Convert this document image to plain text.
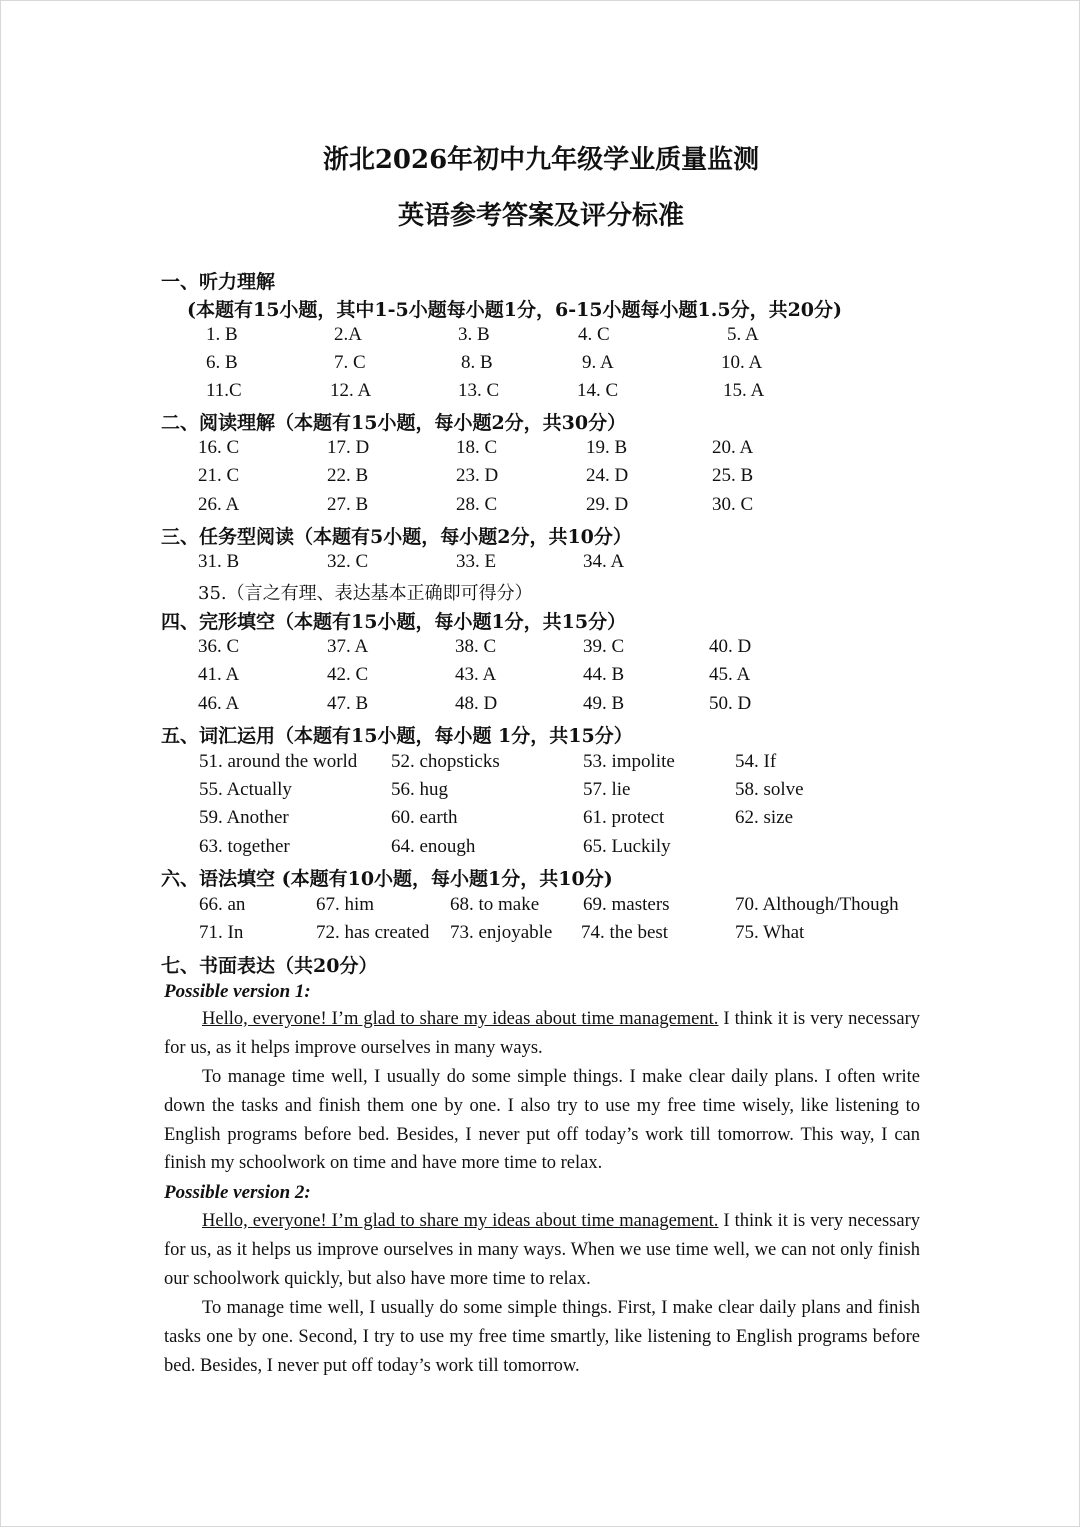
浙北2026年初中九年级学业质量监测
英语参考答案及评分标准
一、听力理解
(本题有15小题，其中1-5小题每小题1分，6-15小题每小题1.5分，共20分)
1. B	2.A	3. B	4. C	5. A
6. B	7. C	8. B	9. A	10. A
11.C	12. A	13. C	14. C	15. A
二、阅读理解（本题有15小题，每小题2分，共30分）
16. C	17. D	18. C	19. B	20. A
21. C	22. B	23. D	24. D	25. B
26. A	27. B	28. C	29. D	30. C
三、任务型阅读（本题有5小题，每小题2分，共10分）
31. B	32. C	33. E	34. A
35.（言之有理、表达基本正确即可得分）
四、完形填空（本题有15小题，每小题1分，共15分）
36. C	37. A	38. C	39. C	40. D
41. A	42. C	43. A	44. B	45. A
46. A	47. B	48. D	49. B	50. D
五、词汇运用（本题有15小题，每小题 1分，共15分）
51. around the world 52. chopsticks	53. impolite	54. If
55. Actually	56. hug	57. lie	58. solve
59. Another	60. earth	61. protect	62. size
63. together	64. enough	65. Luckily
六、语法填空 (本题有10小题，每小题1分，共10分)
66. an	67. him	68. to make 69. masters	70. Although/Though
71. In	72. has created 73. enjoyable 74. the best	75. What
七、书面表达（共20分）
Possible version 1:
Hello, everyone! I’m glad to share my ideas about time management. I think it is very necessary for us, as it helps improve ourselves in many ways.
To manage time well, I usually do some simple things. I make clear daily plans. I often write down the tasks and finish them one by one. I also try to use my free time wisely, like listening to English programs before bed. Besides, I never put off today’s work till tomorrow. This way, I can finish my schoolwork on time and have more time to relax.
Possible version 2:
Hello, everyone! I’m glad to share my ideas about time management. I think it is very necessary for us, as it helps us improve ourselves in many ways. When we use time well, we can not only finish our schoolwork quickly, but also have more time to relax.
To manage time well, I usually do some simple things. First, I make clear daily plans and finish tasks one by one. Second, I try to use my free time smartly, like listening to English programs before bed. Besides, I never put off today’s work till tomorrow.
